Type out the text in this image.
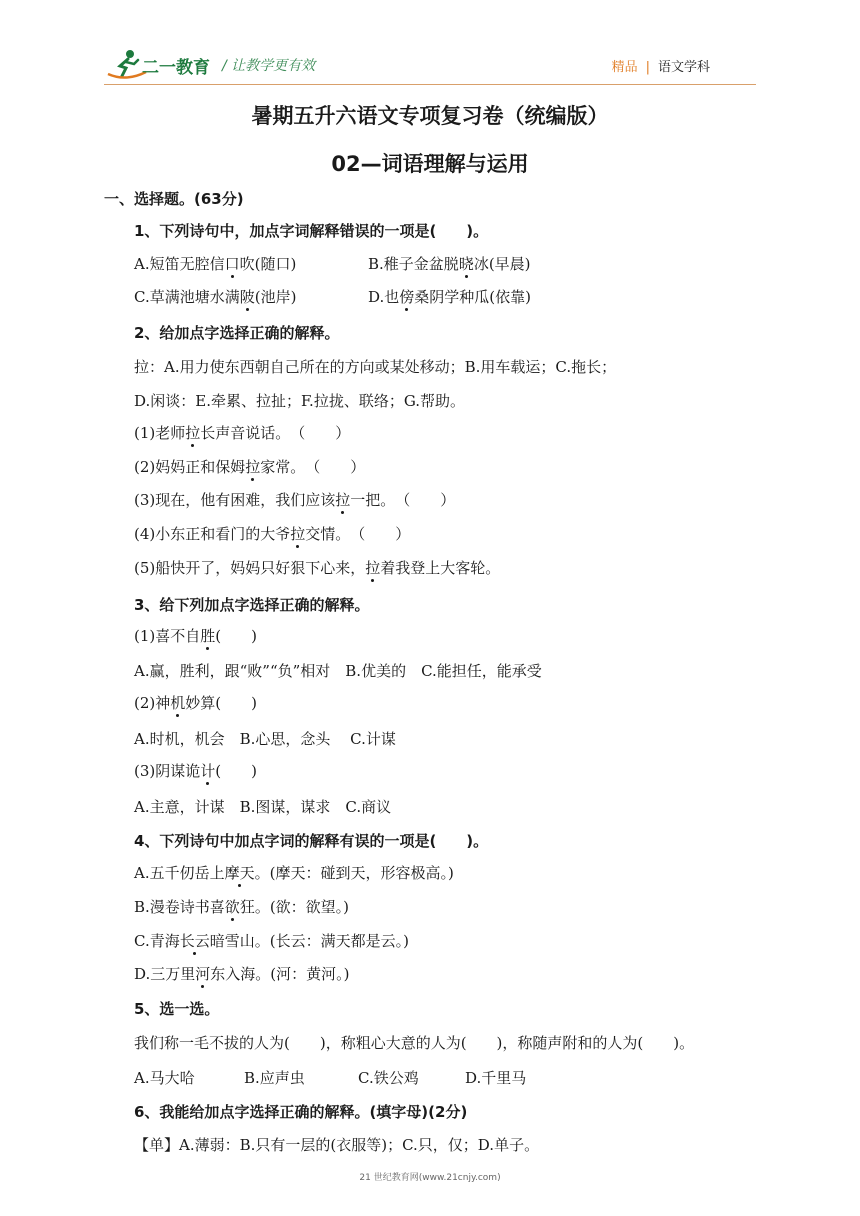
二一教育 / 让教学更有效	精品 | 语文学科
暑期五升六语文专项复习卷（统编版）
02—词语理解与运用
一、选择题。(63分)
1、下列诗句中，加点字词解释错误的一项是(　　)。
A.短笛无腔信口吹(随口)	B.稚子金盆脱晓冰(早晨)
C.草满池塘水满陂(池岸)	D.也傍桑阴学种瓜(依靠)
2、给加点字选择正确的解释。
拉：A.用力使东西朝自己所在的方向或某处移动；B.用车载运；C.拖长；
D.闲谈：E.牵累、拉扯；F.拉拢、联络；G.帮助。
(1)老师拉长声音说话。　（　　）
(2)妈妈正和保姆拉家常。　（　　）
(3)现在，他有困难，我们应该拉一把。　（　　）
(4)小东正和看门的大爷拉交情。　（　　）
(5)船快开了，妈妈只好狠下心来，拉着我登上大客轮。
3、给下列加点字选择正确的解释。
(1)喜不自胜(　　)
A.赢，胜利，跟“败”“负”相对　B.优美的　C.能担任，能承受
(2)神机妙算(　　)
A.时机，机会　B.心思，念头　 C.计谋
(3)阴谋诡计(　　)
A.主意，计谋　B.图谋，谋求　C.商议
4、下列诗句中加点字词的解释有误的一项是(　　)。
A.五千仞岳上摩天。(摩天：碰到天，形容极高。)
B.漫卷诗书喜欲狂。(欲：欲望。)
C.青海长云暗雪山。(长云：满天都是云。)
D.三万里河东入海。(河：黄河。)
5、选一选。
我们称一毛不拔的人为(　　)，称粗心大意的人为(　　)，称随声附和的人为(　　)。
A.马大哈	B.应声虫	C.铁公鸡	D.千里马
6、我能给加点字选择正确的解释。(填字母)(2分)
【单】A.薄弱：B.只有一层的(衣服等)；C.只，仅；D.单子。
21 世纪教育网(www.21cnjy.com)
